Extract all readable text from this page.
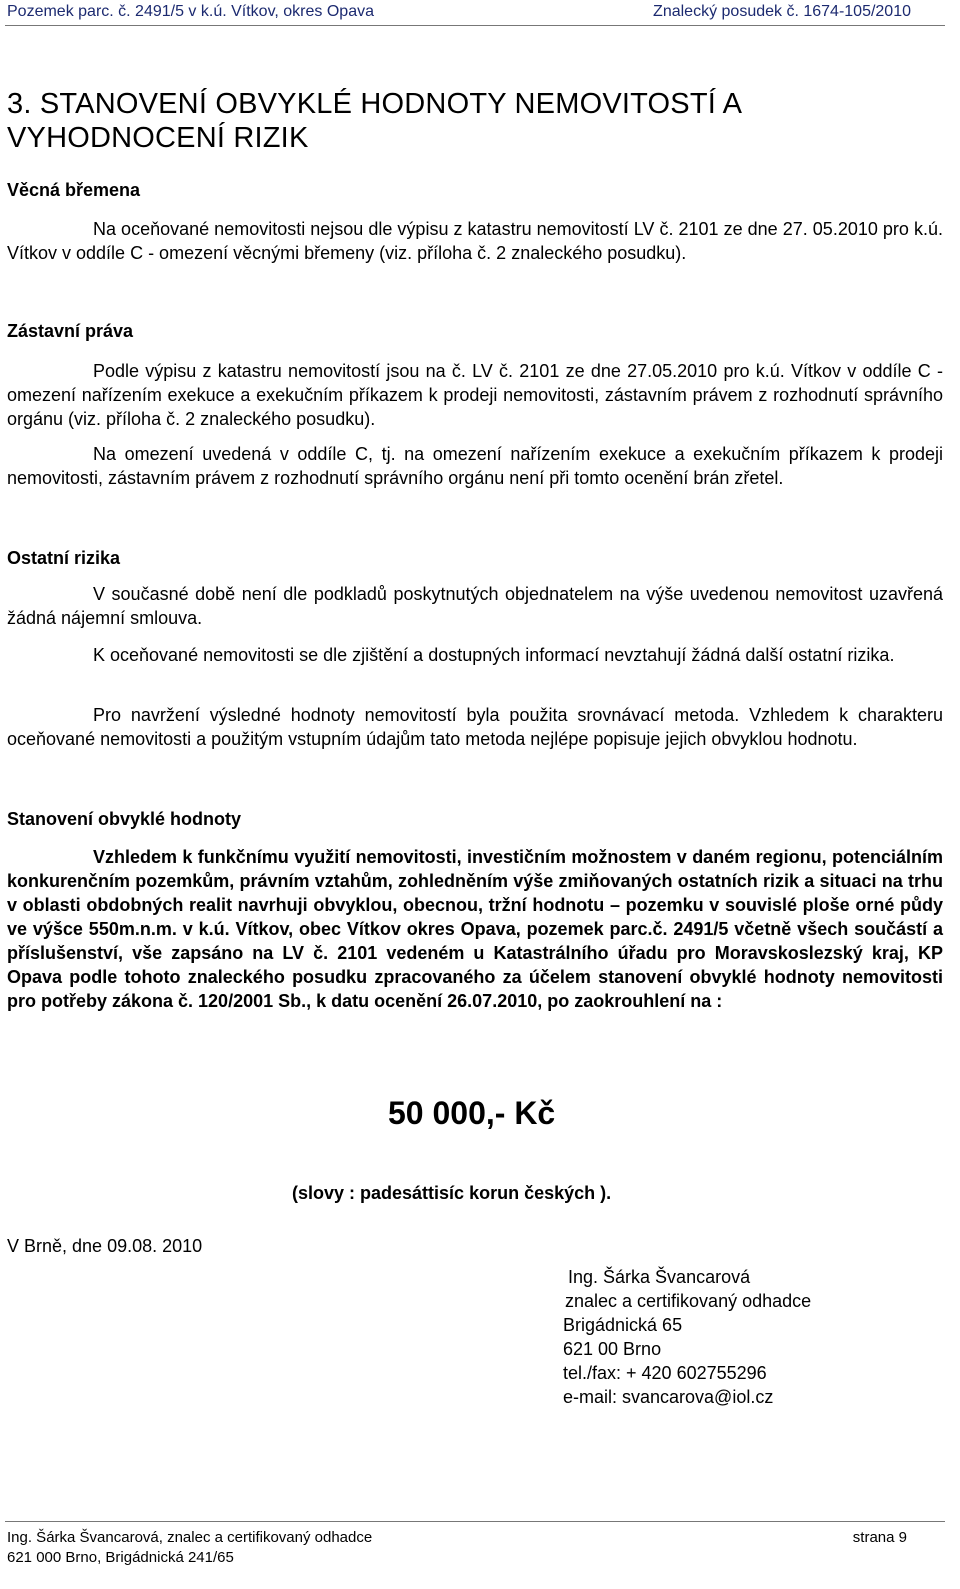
Pozemek parc. č. 2491/5 v k.ú. Vítkov, okres Opava	Znalecký posudek č. 1674-105/2010
3. STANOVENÍ OBVYKLÉ HODNOTY NEMOVITOSTÍ A VYHODNOCENÍ RIZIK
Věcná břemena
Na oceňované nemovitosti nejsou dle výpisu z katastru nemovitostí LV č. 2101 ze dne 27. 05.2010 pro k.ú. Vítkov v oddíle C - omezení věcnými břemeny (viz. příloha č. 2 znaleckého posudku).
Zástavní práva
Podle výpisu z katastru nemovitostí jsou na č. LV č. 2101 ze dne 27.05.2010 pro k.ú. Vítkov v oddíle C - omezení nařízením exekuce a exekučním příkazem k prodeji nemovitosti, zástavním právem z rozhodnutí správního orgánu (viz. příloha č. 2 znaleckého posudku).
Na omezení uvedená v oddíle C, tj. na omezení nařízením exekuce a exekučním příkazem k prodeji nemovitosti, zástavním právem z rozhodnutí správního orgánu není při tomto ocenění brán zřetel.
Ostatní rizika
V současné době není dle podkladů poskytnutých objednatelem na výše uvedenou nemovitost uzavřená žádná nájemní smlouva.
K oceňované nemovitosti se dle zjištění a dostupných informací nevztahují žádná další ostatní rizika.
Pro navržení výsledné hodnoty nemovitostí byla použita srovnávací metoda. Vzhledem k charakteru oceňované nemovitosti a použitým vstupním údajům tato metoda nejlépe popisuje jejich obvyklou hodnotu.
Stanovení obvyklé hodnoty
Vzhledem k funkčnímu využití nemovitosti, investičním možnostem v daném regionu, potenciálním konkurenčním pozemkům, právním vztahům, zohledněním výše zmiňovaných ostatních rizik a situaci na trhu v oblasti obdobných realit navrhuji obvyklou, obecnou, tržní hodnotu – pozemku v souvislé ploše orné půdy ve výšce 550m.n.m. v k.ú. Vítkov, obec Vítkov okres Opava, pozemek parc.č. 2491/5 včetně všech součástí a příslušenství, vše zapsáno na LV č. 2101 vedeném u Katastrálního úřadu pro Moravskoslezský kraj, KP Opava podle tohoto znaleckého posudku zpracovaného za účelem stanovení obvyklé hodnoty nemovitosti pro potřeby zákona č. 120/2001 Sb., k datu ocenění 26.07.2010, po zaokrouhlení na :
50 000,- Kč
(slovy : padesáttisíc korun českých ).
V Brně, dne 09.08. 2010
Ing. Šárka Švancarová
znalec a certifikovaný odhadce
Brigádnická 65
621 00 Brno
tel./fax: + 420 602755296
e-mail: svancarova@iol.cz
Ing. Šárka Švancarová, znalec a certifikovaný odhadce
621 000 Brno, Brigádnická 241/65
strana 9
